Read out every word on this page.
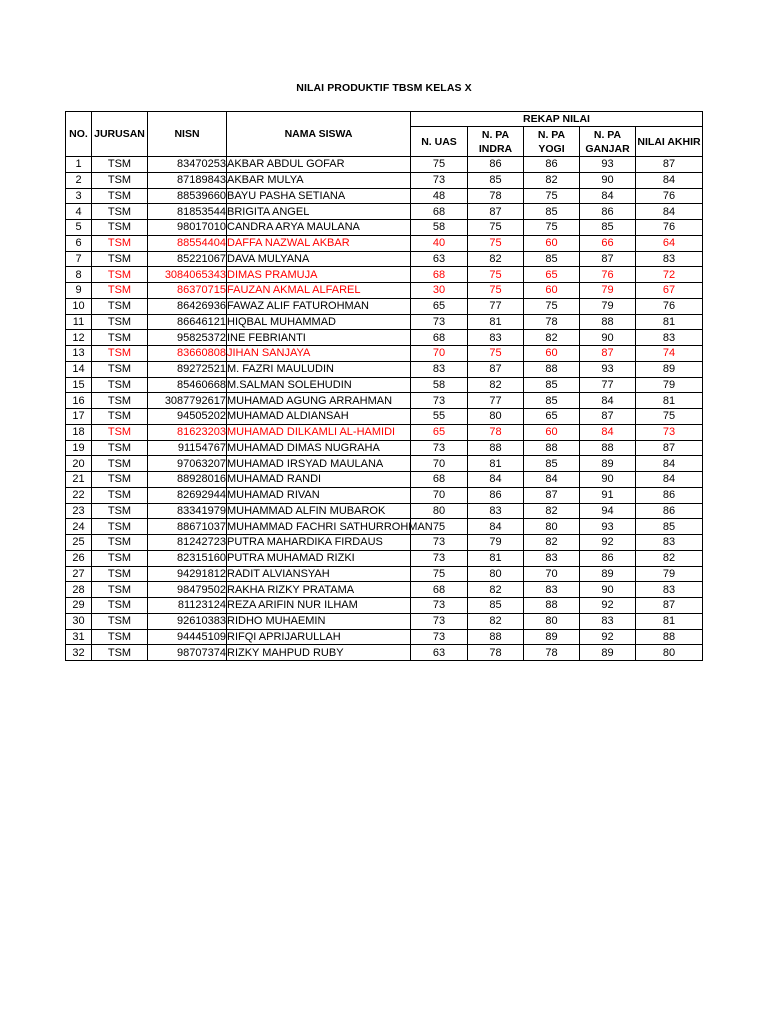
NILAI PRODUKTIF TBSM KELAS X
NO.	JURUSAN	NISN	NAMA SISWA	REKAP NILAI				
				N. UAS	N. PA INDRA	N. PA YOGI	N. PA GANJAR	NILAI AKHIR
1	TSM	83470253	AKBAR ABDUL GOFAR	75	86	86	93	87
2	TSM	87189843	AKBAR MULYA	73	85	82	90	84
3	TSM	88539660	BAYU PASHA SETIANA	48	78	75	84	76
4	TSM	81853544	BRIGITA ANGEL	68	87	85	86	84
5	TSM	98017010	CANDRA ARYA MAULANA	58	75	75	85	76
6	TSM	88554404	DAFFA NAZWAL AKBAR	40	75	60	66	64
7	TSM	85221067	DAVA MULYANA	63	82	85	87	83
8	TSM	3084065343	DIMAS PRAMUJA	68	75	65	76	72
9	TSM	86370715	FAUZAN AKMAL ALFAREL	30	75	60	79	67
10	TSM	86426936	FAWAZ ALIF FATUROHMAN	65	77	75	79	76
11	TSM	86646121	HIQBAL MUHAMMAD	73	81	78	88	81
12	TSM	95825372	INE FEBRIANTI	68	83	82	90	83
13	TSM	83660808	JIHAN SANJAYA	70	75	60	87	74
14	TSM	89272521	M. FAZRI MAULUDIN	83	87	88	93	89
15	TSM	85460668	M.SALMAN SOLEHUDIN	58	82	85	77	79
16	TSM	3087792617	MUHAMAD AGUNG ARRAHMAN	73	77	85	84	81
17	TSM	94505202	MUHAMAD ALDIANSAH	55	80	65	87	75
18	TSM	81623203	MUHAMAD DILKAMLI AL-HAMIDI	65	78	60	84	73
19	TSM	91154767	MUHAMAD DIMAS NUGRAHA	73	88	88	88	87
20	TSM	97063207	MUHAMAD IRSYAD MAULANA	70	81	85	89	84
21	TSM	88928016	MUHAMAD RANDI	68	84	84	90	84
22	TSM	82692944	MUHAMAD RIVAN	70	86	87	91	86
23	TSM	83341979	MUHAMMAD ALFIN MUBAROK	80	83	82	94	86
24	TSM	88671037	MUHAMMAD FACHRI SATHURROHMAN	75	84	80	93	85
25	TSM	81242723	PUTRA MAHARDIKA FIRDAUS	73	79	82	92	83
26	TSM	82315160	PUTRA MUHAMAD RIZKI	73	81	83	86	82
27	TSM	94291812	RADIT ALVIANSYAH	75	80	70	89	79
28	TSM	98479502	RAKHA RIZKY PRATAMA	68	82	83	90	83
29	TSM	81123124	REZA ARIFIN NUR ILHAM	73	85	88	92	87
30	TSM	92610383	RIDHO MUHAEMIN	73	82	80	83	81
31	TSM	94445109	RIFQI APRIJARULLAH	73	88	89	92	88
32	TSM	98707374	RIZKY MAHPUD RUBY	63	78	78	89	80
